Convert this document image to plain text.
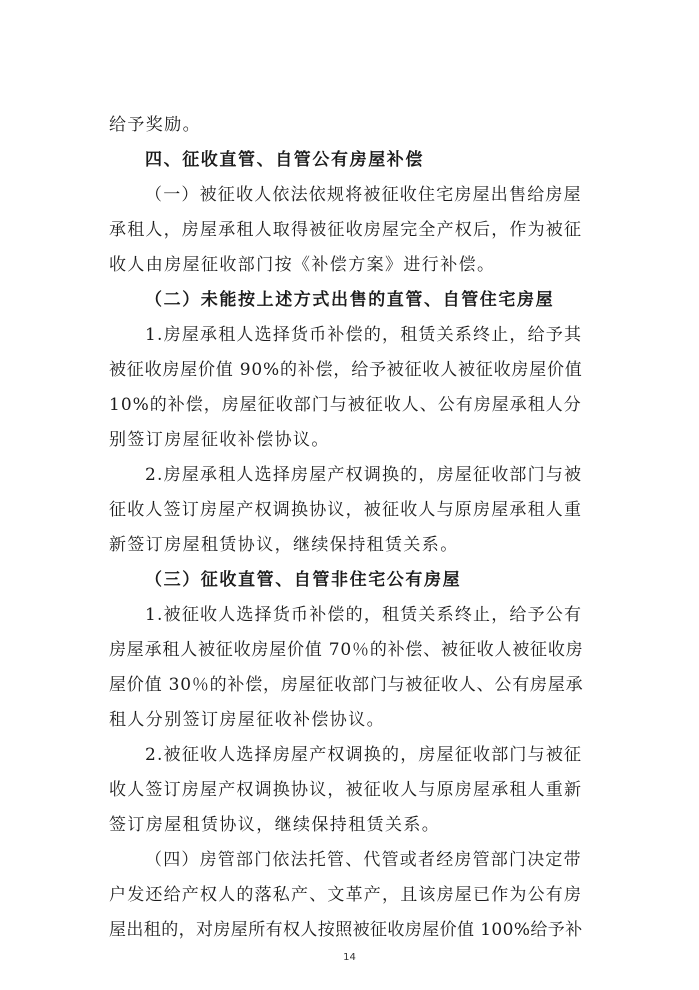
给予奖励。
四、征收直管、自管公有房屋补偿
（一）被征收人依法依规将被征收住宅房屋出售给房屋
承租人，房屋承租人取得被征收房屋完全产权后，作为被征
收人由房屋征收部门按《补偿方案》进行补偿。
（二）未能按上述方式出售的直管、自管住宅房屋
1.房屋承租人选择货币补偿的，租赁关系终止，给予其
被征收房屋价值 90%的补偿，给予被征收人被征收房屋价值
10%的补偿，房屋征收部门与被征收人、公有房屋承租人分
别签订房屋征收补偿协议。
2.房屋承租人选择房屋产权调换的，房屋征收部门与被
征收人签订房屋产权调换协议，被征收人与原房屋承租人重
新签订房屋租赁协议，继续保持租赁关系。
（三）征收直管、自管非住宅公有房屋
1.被征收人选择货币补偿的，租赁关系终止，给予公有
房屋承租人被征收房屋价值 70％的补偿、被征收人被征收房
屋价值 30％的补偿，房屋征收部门与被征收人、公有房屋承
租人分别签订房屋征收补偿协议。
2.被征收人选择房屋产权调换的，房屋征收部门与被征
收人签订房屋产权调换协议，被征收人与原房屋承租人重新
签订房屋租赁协议，继续保持租赁关系。
（四）房管部门依法托管、代管或者经房管部门决定带
户发还给产权人的落私产、文革产，且该房屋已作为公有房
屋出租的，对房屋所有权人按照被征收房屋价值 100%给予补
14
